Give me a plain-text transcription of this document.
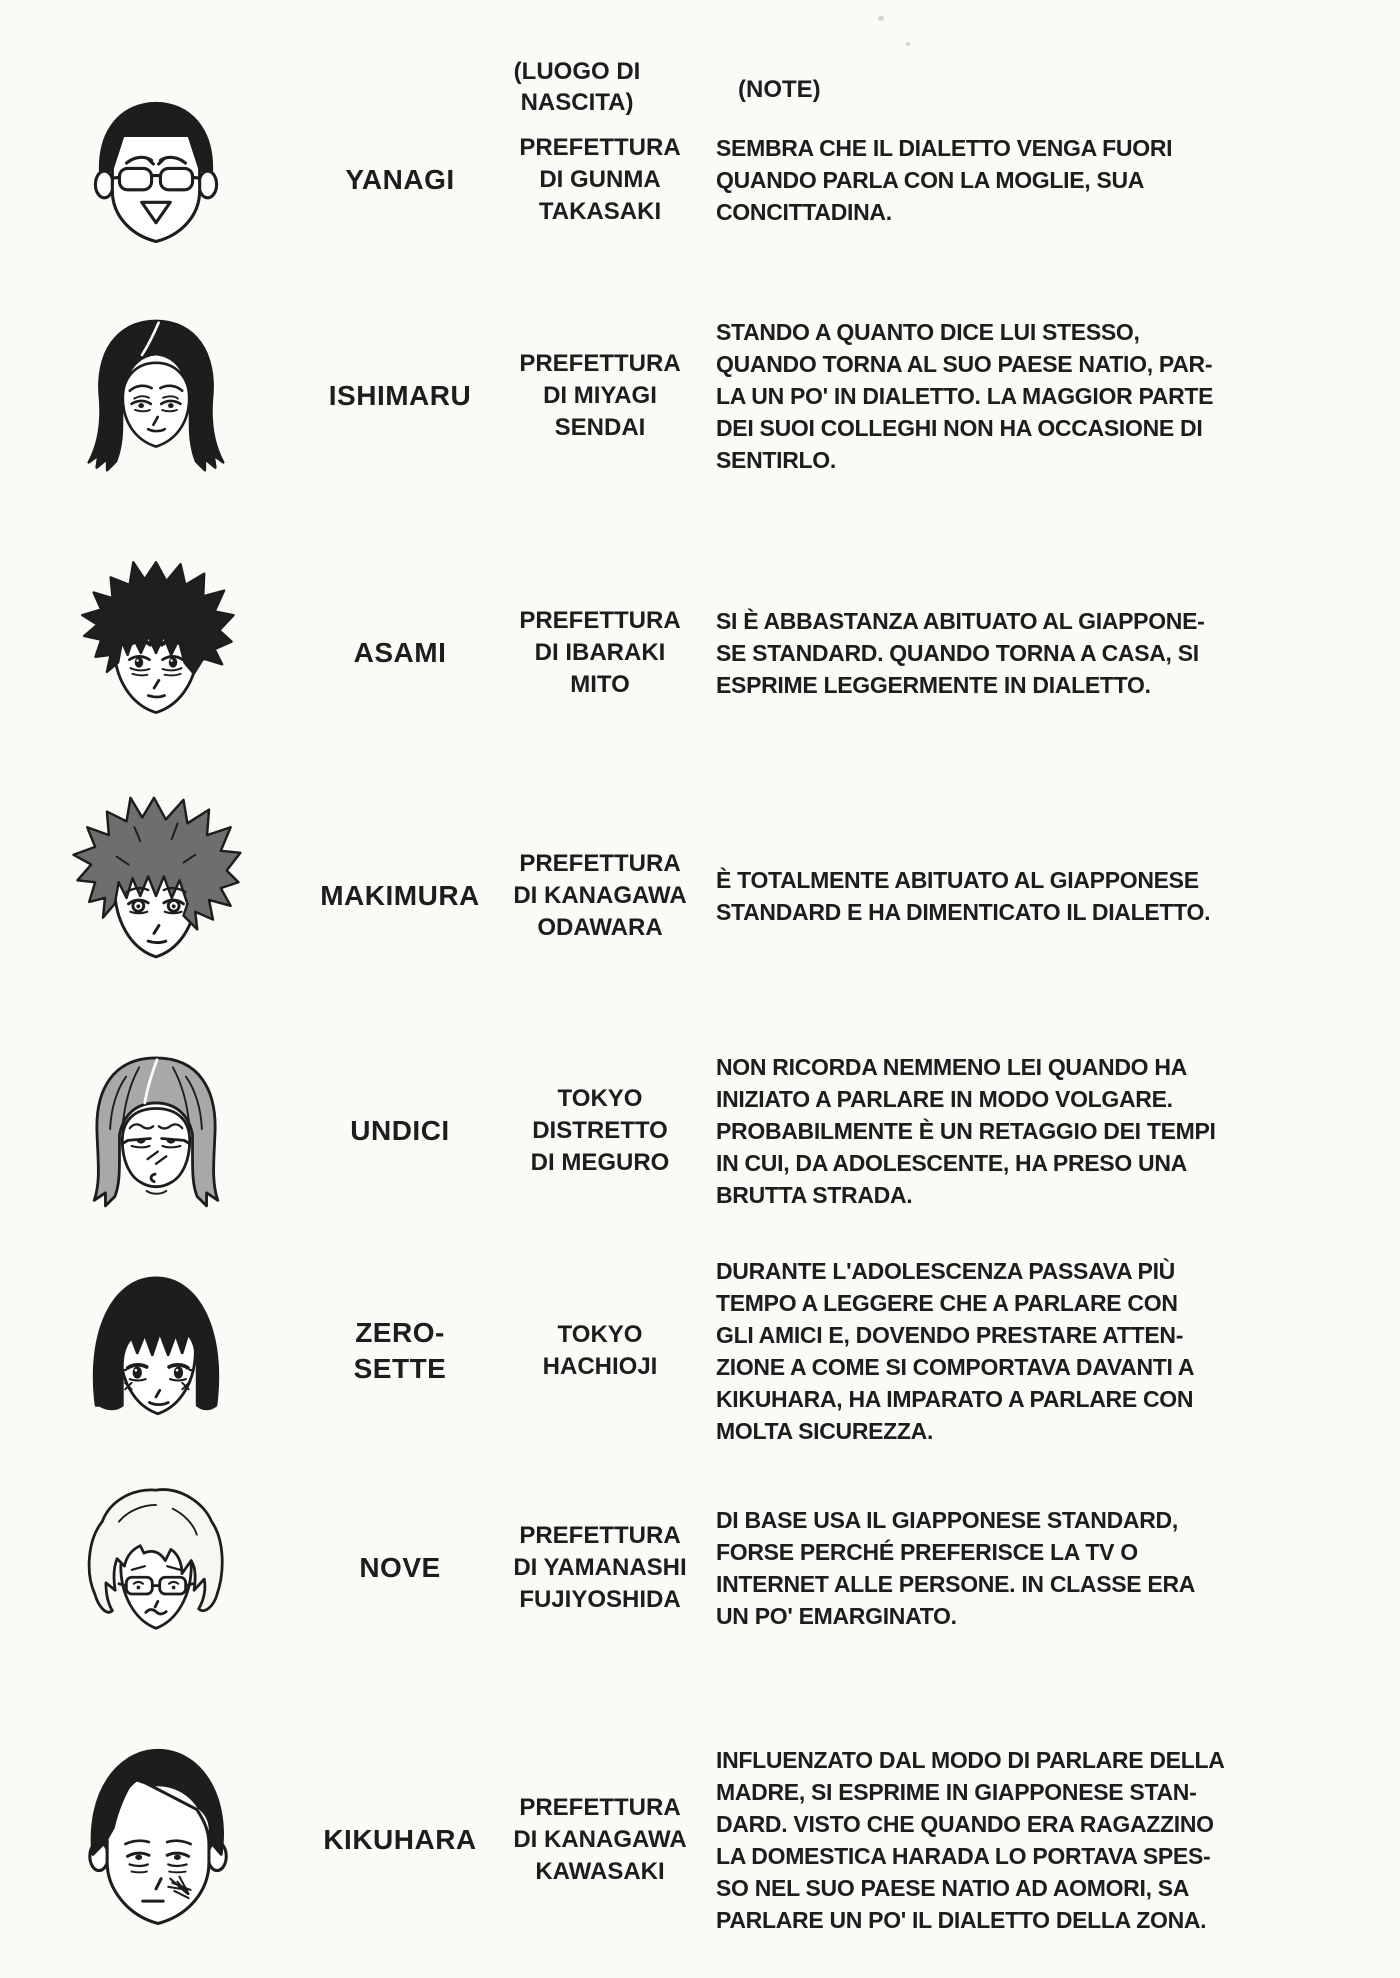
(LUOGO DI
NASCITA)	(NOTE)
YANAGI
PREFETTURA
DI GUNMA
TAKASAKI
SEMBRA CHE IL DIALETTO VENGA FUORI
QUANDO PARLA CON LA MOGLIE, SUA
CONCITTADINA.
ISHIMARU
PREFETTURA
DI MIYAGI
SENDAI
STANDO A QUANTO DICE LUI STESSO,
QUANDO TORNA AL SUO PAESE NATIO, PAR-
LA UN PO' IN DIALETTO. LA MAGGIOR PARTE
DEI SUOI COLLEGHI NON HA OCCASIONE DI
SENTIRLO.
ASAMI
PREFETTURA
DI IBARAKI
MITO
SI È ABBASTANZA ABITUATO AL GIAPPONE-
SE STANDARD. QUANDO TORNA A CASA, SI
ESPRIME LEGGERMENTE IN DIALETTO.
MAKIMURA
PREFETTURA
DI KANAGAWA
ODAWARA
È TOTALMENTE ABITUATO AL GIAPPONESE
STANDARD E HA DIMENTICATO IL DIALETTO.
UNDICI
TOKYO
DISTRETTO
DI MEGURO
NON RICORDA NEMMENO LEI QUANDO HA
INIZIATO A PARLARE IN MODO VOLGARE.
PROBABILMENTE È UN RETAGGIO DEI TEMPI
IN CUI, DA ADOLESCENTE, HA PRESO UNA
BRUTTA STRADA.
ZERO-
SETTE
TOKYO
HACHIOJI
DURANTE L'ADOLESCENZA PASSAVA PIÙ
TEMPO A LEGGERE CHE A PARLARE CON
GLI AMICI E, DOVENDO PRESTARE ATTEN-
ZIONE A COME SI COMPORTAVA DAVANTI A
KIKUHARA, HA IMPARATO A PARLARE CON
MOLTA SICUREZZA.
NOVE
PREFETTURA
DI YAMANASHI
FUJIYOSHIDA
DI BASE USA IL GIAPPONESE STANDARD,
FORSE PERCHÉ PREFERISCE LA TV O
INTERNET ALLE PERSONE. IN CLASSE ERA
UN PO' EMARGINATO.
KIKUHARA
PREFETTURA
DI KANAGAWA
KAWASAKI
INFLUENZATO DAL MODO DI PARLARE DELLA
MADRE, SI ESPRIME IN GIAPPONESE STAN-
DARD. VISTO CHE QUANDO ERA RAGAZZINO
LA DOMESTICA HARADA LO PORTAVA SPES-
SO NEL SUO PAESE NATIO AD AOMORI, SA
PARLARE UN PO' IL DIALETTO DELLA ZONA.
